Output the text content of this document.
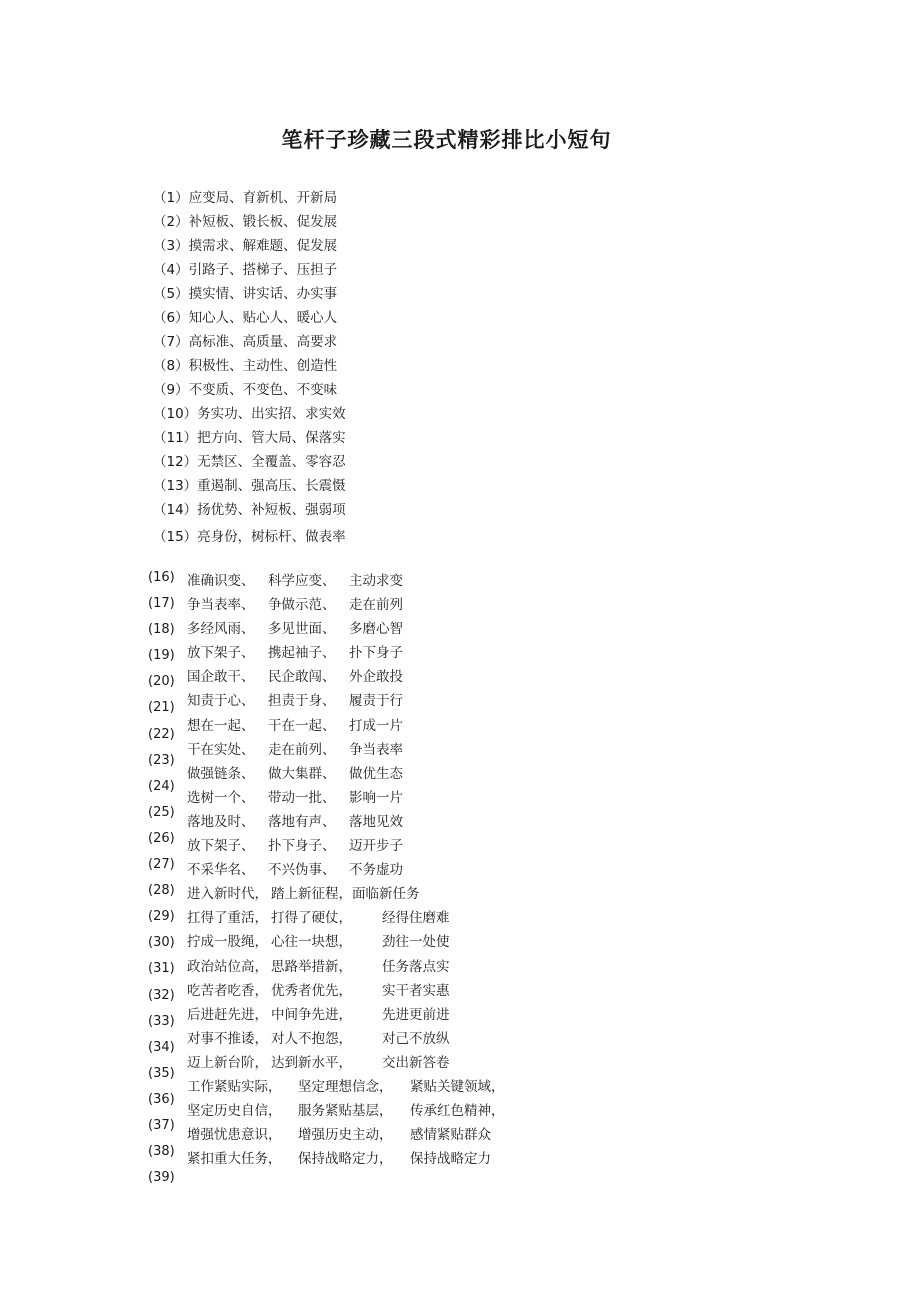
笔杆子珍藏三段式精彩排比小短句
（1）应变局、育新机、开新局
（2）补短板、锻长板、促发展
（3）摸需求、解难题、促发展
（4）引路子、搭梯子、压担子
（5）摸实情、讲实话、办实事
（6）知心人、贴心人、暖心人
（7）高标准、高质量、高要求
（8）积极性、主动性、创造性
（9）不变质、不变色、不变味
（10）务实功、出实招、求实效
（11）把方向、管大局、保落实
（12）无禁区、全覆盖、零容忍
（13）重遏制、强高压、长震慑
（14）扬优势、补短板、强弱项
（15）亮身份，树标杆、做表率
(16)
(17)
(18)
(19)
(20)
(21)
(22)
(23)
(24)
(25)
(26)
(27)
(28)
(29)
(30)
(31)
(32)
(33)
(34)
(35)
(36)
(37)
(38)
(39)
准确识变、 科学应变、 主动求变
争当表率、 争做示范、 走在前列
多经风雨、 多见世面、 多磨心智
放下架子、 携起袖子、 扑下身子
国企敢干、 民企敢闯、 外企敢投
知责于心、 担责于身、 履责于行
想在一起、 干在一起、 打成一片
干在实处、 走在前列、 争当表率
做强链条、 做大集群、 做优生态
选树一个、 带动一批、 影响一片
落地及时、 落地有声、 落地见效
放下架子、 扑下身子、 迈开步子
不采华名、 不兴伪事、 不务虚功
进入新时代， 踏上新征程，面临新任务
扛得了重活， 打得了硬仗， 经得住磨难
拧成一股绳， 心往一块想， 劲往一处使
政治站位高， 思路举措新， 任务落点实
吃苦者吃香， 优秀者优先， 实干者实惠
后进赶先进， 中间争先进， 先进更前进
对事不推诿， 对人不抱怨， 对己不放纵
迈上新台阶， 达到新水平， 交出新答卷
工作紧贴实际， 坚定理想信念， 紧贴关键领域，
坚定历史自信， 服务紧贴基层， 传承红色精神，
增强忧患意识， 增强历史主动， 感情紧贴群众
紧扣重大任务， 保持战略定力， 保持战略定力
